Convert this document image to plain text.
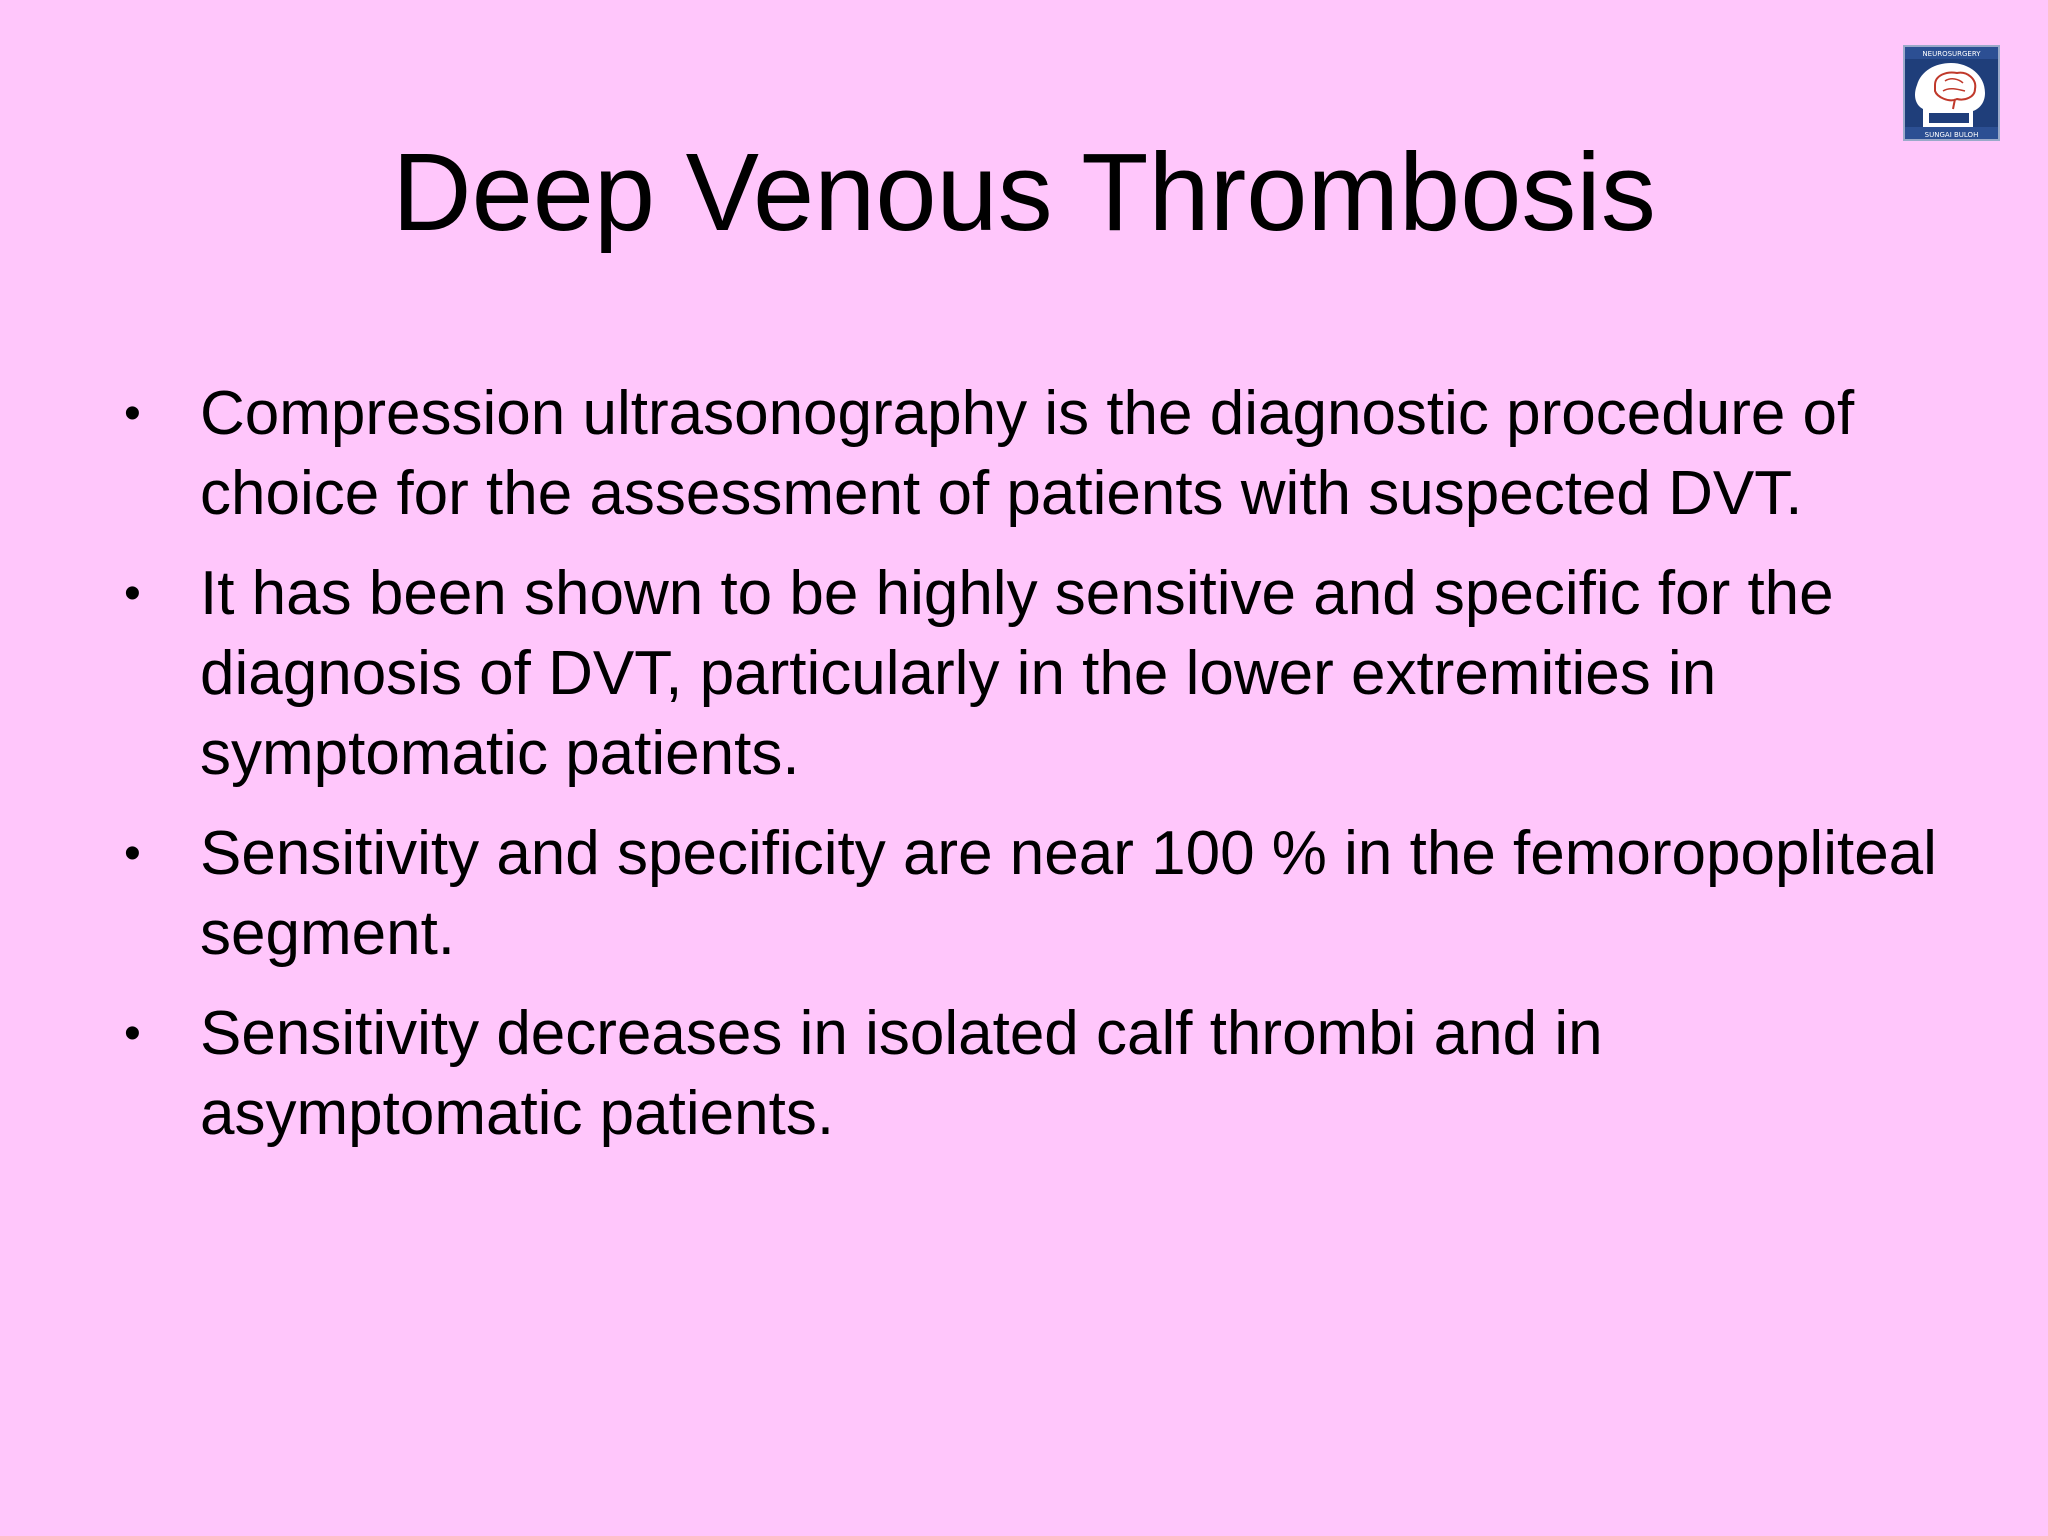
NEUROSURGERY
SUNGAI BULOH
Deep Venous Thrombosis
• Compression ultrasonography is the diagnostic procedure of choice for the assessment of patients with suspected DVT.
• It has been shown to be highly sensitive and specific for the diagnosis of DVT, particularly in the lower extremities in symptomatic patients.
• Sensitivity and specificity are near 100 % in the femoropopliteal segment.
• Sensitivity decreases in isolated calf thrombi and in asymptomatic patients.
